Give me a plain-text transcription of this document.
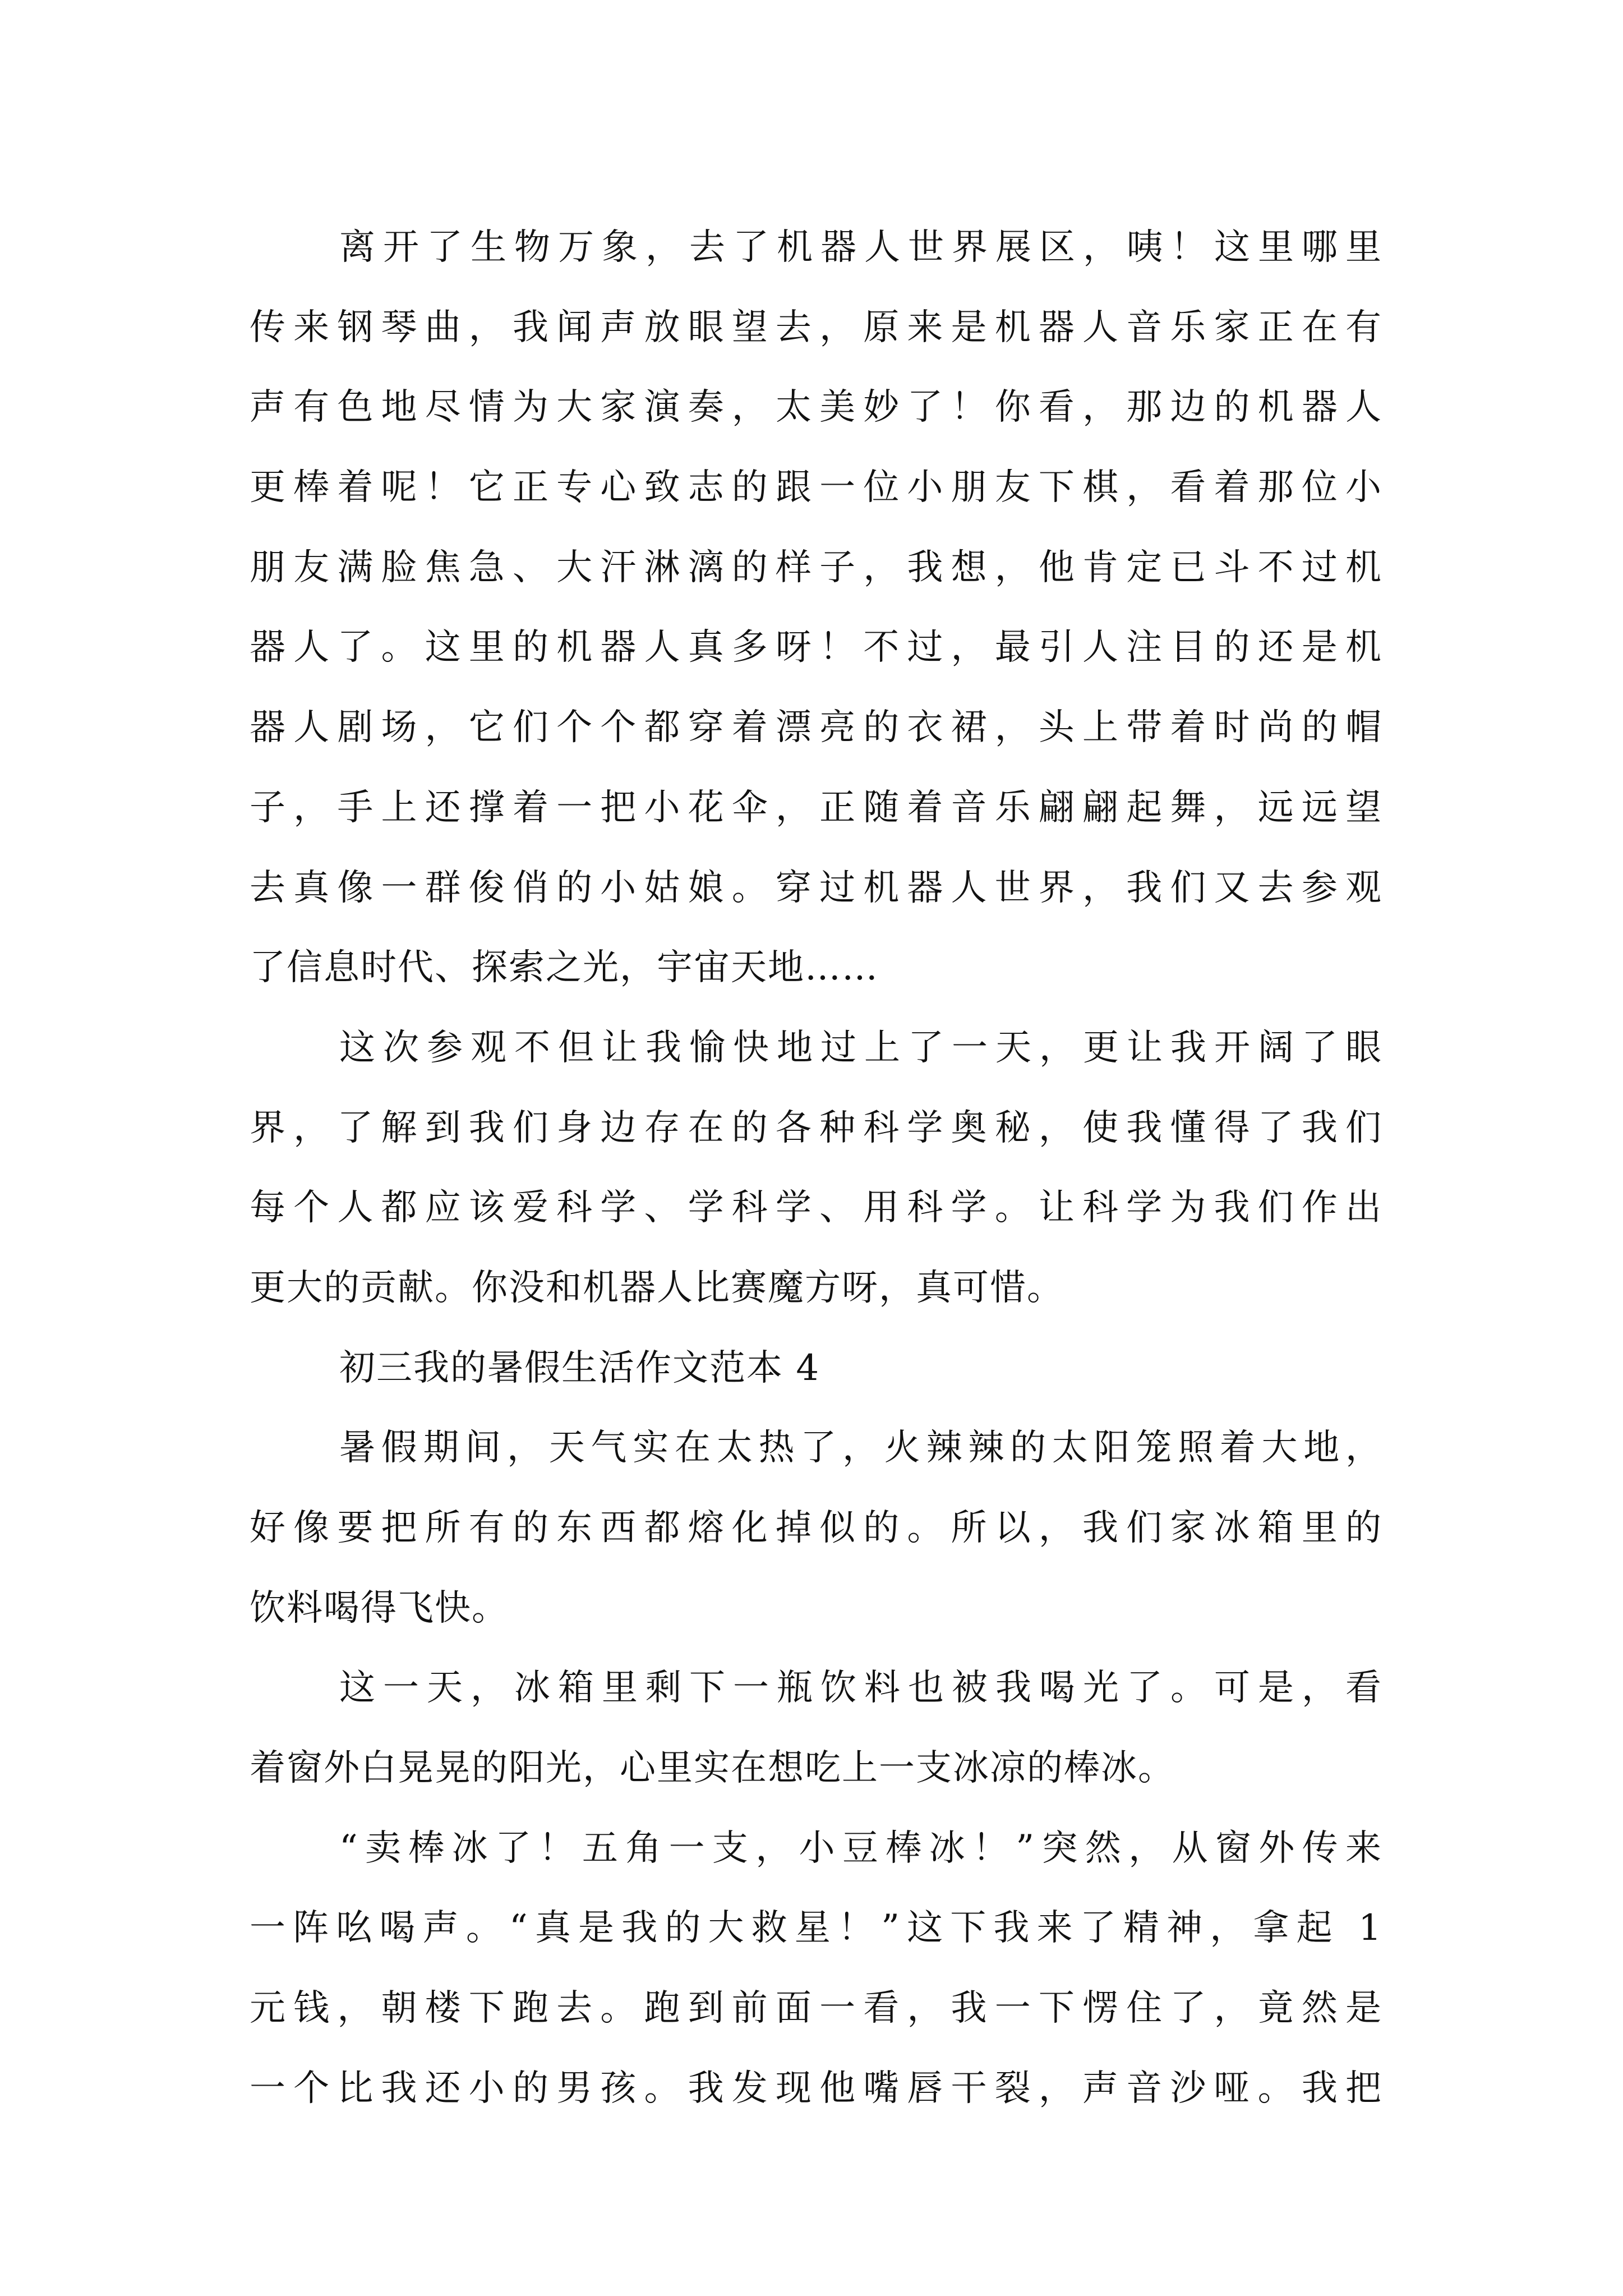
离开了生物万象，去了机器人世界展区，咦！这里哪里
传来钢琴曲，我闻声放眼望去，原来是机器人音乐家正在有
声有色地尽情为大家演奏，太美妙了！你看，那边的机器人
更棒着呢！它正专心致志的跟一位小朋友下棋，看着那位小
朋友满脸焦急、大汗淋漓的样子，我想，他肯定已斗不过机
器人了。这里的机器人真多呀！不过，最引人注目的还是机
器人剧场，它们个个都穿着漂亮的衣裙，头上带着时尚的帽
子，手上还撑着一把小花伞，正随着音乐翩翩起舞，远远望
去真像一群俊俏的小姑娘。穿过机器人世界，我们又去参观
了信息时代、探索之光，宇宙天地……
这次参观不但让我愉快地过上了一天，更让我开阔了眼
界，了解到我们身边存在的各种科学奥秘，使我懂得了我们
每个人都应该爱科学、学科学、用科学。让科学为我们作出
更大的贡献。你没和机器人比赛魔方呀，真可惜。
初三我的暑假生活作文范本 4
暑假期间，天气实在太热了，火辣辣的太阳笼照着大地，
好像要把所有的东西都熔化掉似的。所以，我们家冰箱里的
饮料喝得飞快。
这一天，冰箱里剩下一瓶饮料也被我喝光了。可是，看
着窗外白晃晃的阳光，心里实在想吃上一支冰凉的棒冰。
“卖棒冰了！五角一支，小豆棒冰！”突然，从窗外传来
一阵吆喝声。“真是我的大救星！”这下我来了精神，拿起 1
元钱，朝楼下跑去。跑到前面一看，我一下愣住了，竟然是
一个比我还小的男孩。我发现他嘴唇干裂，声音沙哑。我把
